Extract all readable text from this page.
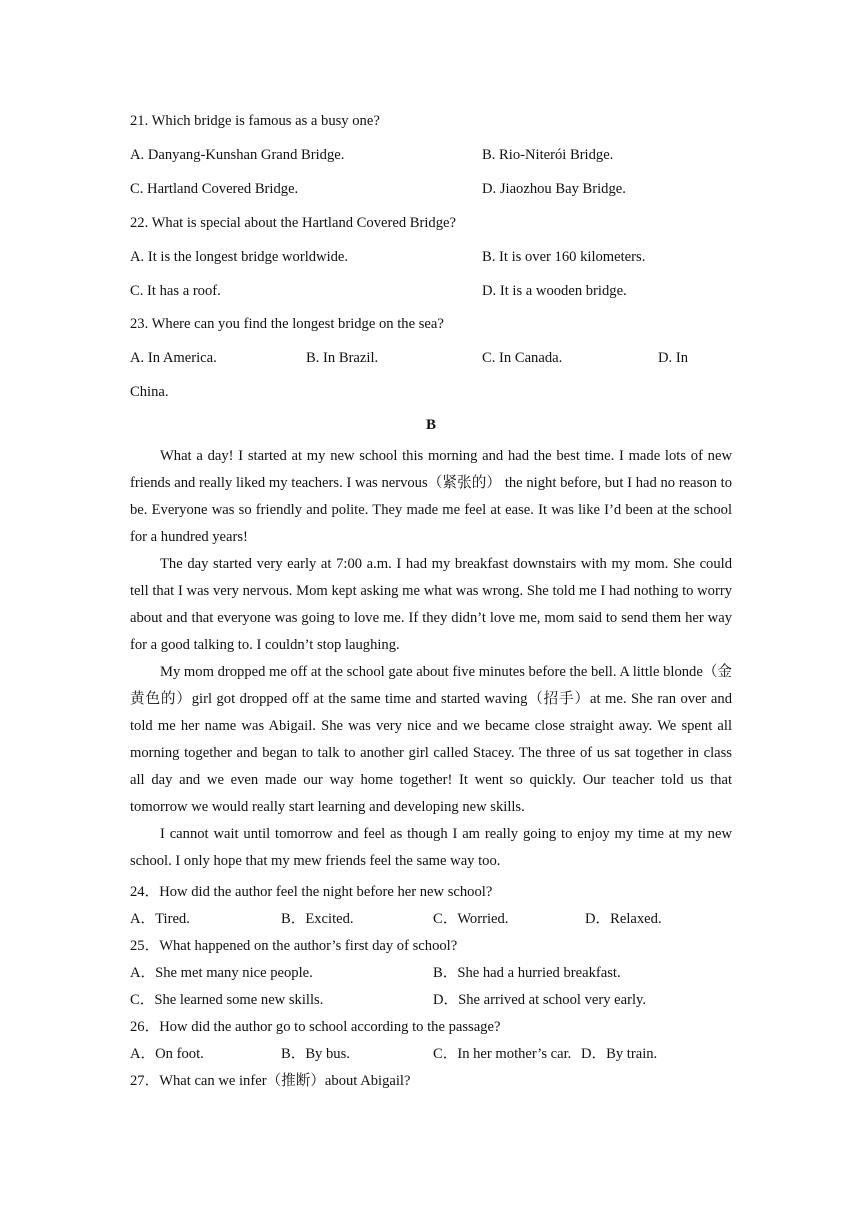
21. Which bridge is famous as a busy one?
A. Danyang-Kunshan Grand Bridge.	B. Rio-Niterói Bridge.
C. Hartland Covered Bridge.	D. Jiaozhou Bay Bridge.
22. What is special about the Hartland Covered Bridge?
A. It is the longest bridge worldwide.	B. It is over 160 kilometers.
C. It has a roof.	D. It is a wooden bridge.
23. Where can you find the longest bridge on the sea?
A. In America.	B. In Brazil.	C. In Canada.	D. In
China.
B

What a day! I started at my new school this morning and had the best time. I made lots of new friends and really liked my teachers. I was nervous（紧张的） the night before, but I had no reason to be. Everyone was so friendly and polite. They made me feel at ease. It was like I’d been at the school for a hundred years!

The day started very early at 7:00 a.m. I had my breakfast downstairs with my mom. She could tell that I was very nervous. Mom kept asking me what was wrong. She told me I had nothing to worry about and that everyone was going to love me. If they didn’t love me, mom said to send them her way for a good talking to. I couldn’t stop laughing.

My mom dropped me off at the school gate about five minutes before the bell. A little blonde（金黄色的）girl got dropped off at the same time and started waving（招手）at me. She ran over and told me her name was Abigail. She was very nice and we became close straight away. We spent all morning together and began to talk to another girl called Stacey. The three of us sat together in class all day and we even made our way home together! It went so quickly. Our teacher told us that tomorrow we would really start learning and developing new skills.

I cannot wait until tomorrow and feel as though I am really going to enjoy my time at my new school. I only hope that my mew friends feel the same way too.

24．How did the author feel the night before her new school?
A．Tired.	B．Excited.	C．Worried.	D．Relaxed.
25．What happened on the author’s first day of school?
A．She met many nice people.	B．She had a hurried breakfast.
C．She learned some new skills.	D．She arrived at school very early.
26．How did the author go to school according to the passage?
A．On foot.	B．By bus.	C．In her mother’s car. D．By train.
27．What can we infer（推断）about Abigail?
